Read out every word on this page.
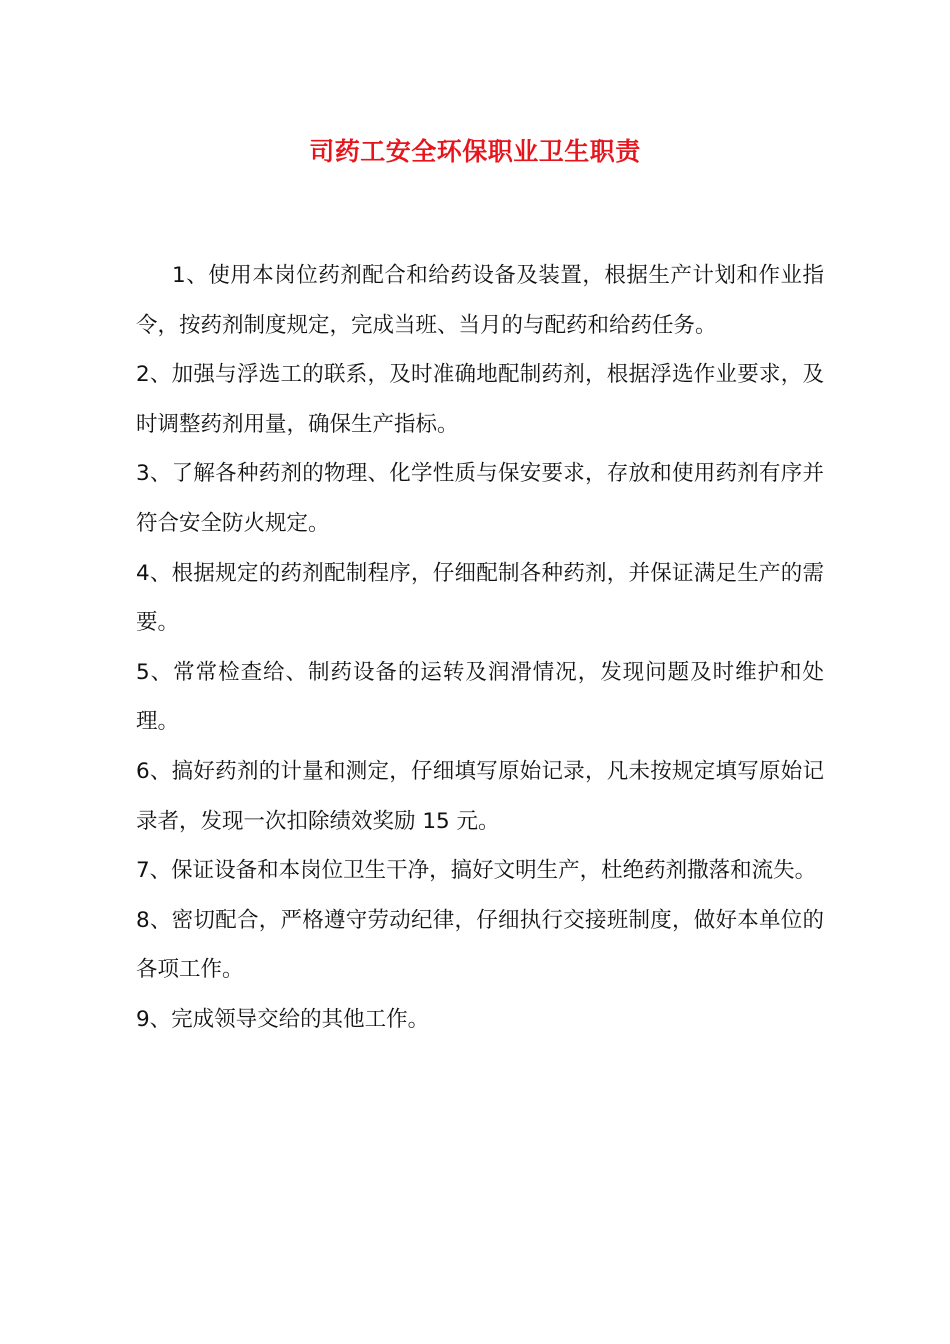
司药工安全环保职业卫生职责

1、使用本岗位药剂配合和给药设备及装置，根据生产计划和作业指令，按药剂制度规定，完成当班、当月的与配药和给药任务。

2、加强与浮选工的联系，及时准确地配制药剂，根据浮选作业要求，及时调整药剂用量，确保生产指标。

3、了解各种药剂的物理、化学性质与保安要求，存放和使用药剂有序并符合安全防火规定。

4、根据规定的药剂配制程序，仔细配制各种药剂，并保证满足生产的需要。

5、常常检查给、制药设备的运转及润滑情况，发现问题及时维护和处理。

6、搞好药剂的计量和测定，仔细填写原始记录，凡未按规定填写原始记录者，发现一次扣除绩效奖励 15 元。

7、保证设备和本岗位卫生干净，搞好文明生产，杜绝药剂撒落和流失。

8、密切配合，严格遵守劳动纪律，仔细执行交接班制度，做好本单位的各项工作。

9、完成领导交给的其他工作。
